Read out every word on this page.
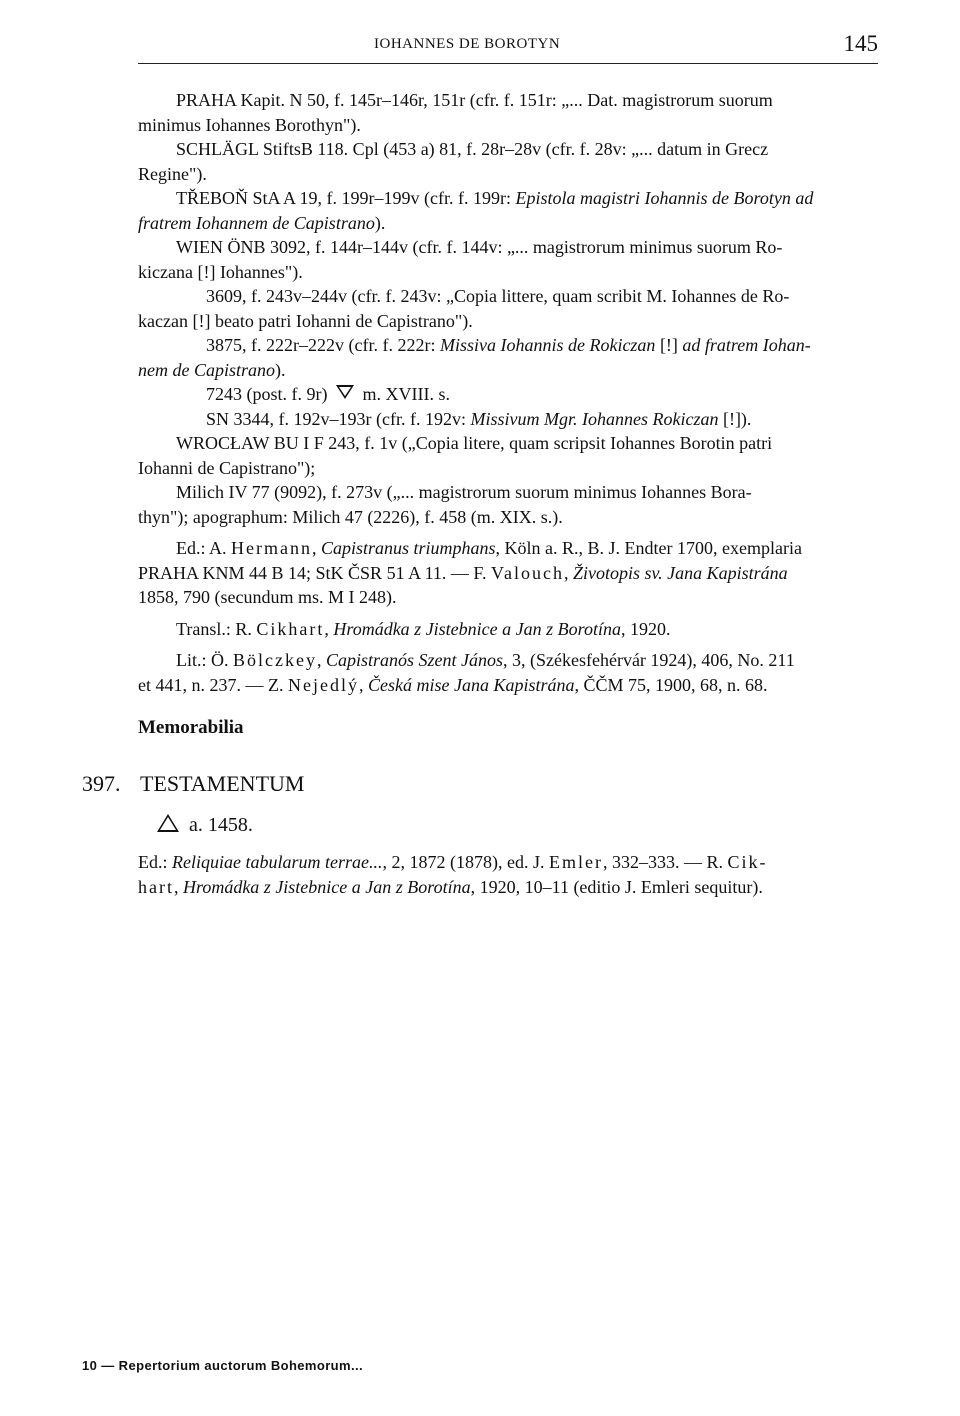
IOHANNES DE BOROTYN	145

PRAHA Kapit. N 50, f. 145r–146r, 151r (cfr. f. 151r: „... Dat. magistrorum suorum
minimus Iohannes Borothyn").

SCHLÄGL StiftsB 118. Cpl (453 a) 81, f. 28r–28v (cfr. f. 28v: „... datum in Grecz
Regine").

TŘEBOŇ StA A 19, f. 199r–199v (cfr. f. 199r: Epistola magistri Iohannis de Borotyn ad
fratrem Iohannem de Capistrano).

WIEN ÖNB 3092, f. 144r–144v (cfr. f. 144v: „... magistrorum minimus suorum Ro-
kiczana [!] Iohannes").

3609, f. 243v–244v (cfr. f. 243v: „Copia littere, quam scribit M. Iohannes de Ro-
kaczan [!] beato patri Iohanni de Capistrano").

3875, f. 222r–222v (cfr. f. 222r: Missiva Iohannis de Rokiczan [!] ad fratrem Iohan-
nem de Capistrano).

7243 (post. f. 9r) m. XVIII. s.

SN 3344, f. 192v–193r (cfr. f. 192v: Missivum Mgr. Iohannes Rokiczan [!]).

WROCŁAW BU I F 243, f. 1v („Copia litere, quam scripsit Iohannes Borotin patri
Iohanni de Capistrano");

Milich IV 77 (9092), f. 273v („... magistrorum suorum minimus Iohannes Bora-
thyn"); apographum: Milich 47 (2226), f. 458 (m. XIX. s.).

Ed.: A. Hermann, Capistranus triumphans, Köln a. R., B. J. Endter 1700, exemplaria
PRAHA KNM 44 B 14; StK ČSR 51 A 11. — F. Valouch, Životopis sv. Jana Kapistrána
1858, 790 (secundum ms. M I 248).

Transl.: R. Cikhart, Hromádka z Jistebnice a Jan z Borotína, 1920.

Lit.: Ö. Bölczkey, Capistranós Szent János, 3, (Székesfehérvár 1924), 406, No. 211
et 441, n. 237. — Z. Nejedlý, Česká mise Jana Kapistrána, ČČM 75, 1900, 68, n. 68.

Memorabilia
397. TESTAMENTUM
a. 1458.

Ed.: Reliquiae tabularum terrae..., 2, 1872 (1878), ed. J. Emler, 332–333. — R. Cik-
hart, Hromádka z Jistebnice a Jan z Borotína, 1920, 10–11 (editio J. Emleri sequitur).

10 — Repertorium auctorum Bohemorum...
